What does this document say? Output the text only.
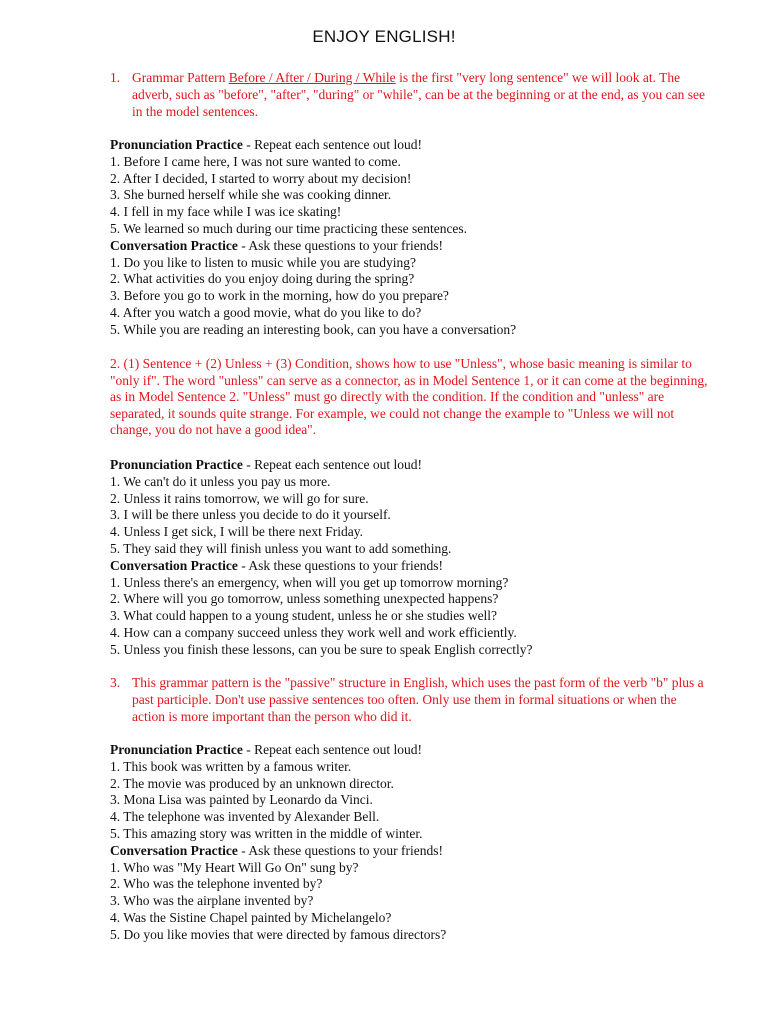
ENJOY ENGLISH!
1. Grammar Pattern Before / After / During / While is the first "very long sentence" we will look at. The adverb, such as "before", "after", "during" or "while", can be at the beginning or at the end, as you can see in the model sentences.
Pronunciation Practice - Repeat each sentence out loud!
1. Before I came here, I was not sure wanted to come.
2. After I decided, I started to worry about my decision!
3. She burned herself while she was cooking dinner.
4. I fell in my face while I was ice skating!
5. We learned so much during our time practicing these sentences.
Conversation Practice - Ask these questions to your friends!
1. Do you like to listen to music while you are studying?
2. What activities do you enjoy doing during the spring?
3. Before you go to work in the morning, how do you prepare?
4. After you watch a good movie, what do you like to do?
5. While you are reading an interesting book, can you have a conversation?
2. (1) Sentence + (2) Unless + (3) Condition, shows how to use "Unless", whose basic meaning is similar to "only if". The word "unless" can serve as a connector, as in Model Sentence 1, or it can come at the beginning, as in Model Sentence 2. "Unless" must go directly with the condition. If the condition and "unless" are separated, it sounds quite strange. For example, we could not change the example to "Unless we will not change, you do not have a good idea".
Pronunciation Practice - Repeat each sentence out loud!
1. We can't do it unless you pay us more.
2. Unless it rains tomorrow, we will go for sure.
3. I will be there unless you decide to do it yourself.
4. Unless I get sick, I will be there next Friday.
5. They said they will finish unless you want to add something.
Conversation Practice - Ask these questions to your friends!
1. Unless there's an emergency, when will you get up tomorrow morning?
2. Where will you go tomorrow, unless something unexpected happens?
3. What could happen to a young student, unless he or she studies well?
4. How can a company succeed unless they work well and work efficiently.
5. Unless you finish these lessons, can you be sure to speak English correctly?
3. This grammar pattern is the "passive" structure in English, which uses the past form of the verb "b" plus a past participle. Don't use passive sentences too often. Only use them in formal situations or when the action is more important than the person who did it.
Pronunciation Practice - Repeat each sentence out loud!
1. This book was written by a famous writer.
2. The movie was produced by an unknown director.
3. Mona Lisa was painted by Leonardo da Vinci.
4. The telephone was invented by Alexander Bell.
5. This amazing story was written in the middle of winter.
Conversation Practice - Ask these questions to your friends!
1. Who was "My Heart Will Go On" sung by?
2. Who was the telephone invented by?
3. Who was the airplane invented by?
4. Was the Sistine Chapel painted by Michelangelo?
5. Do you like movies that were directed by famous directors?
